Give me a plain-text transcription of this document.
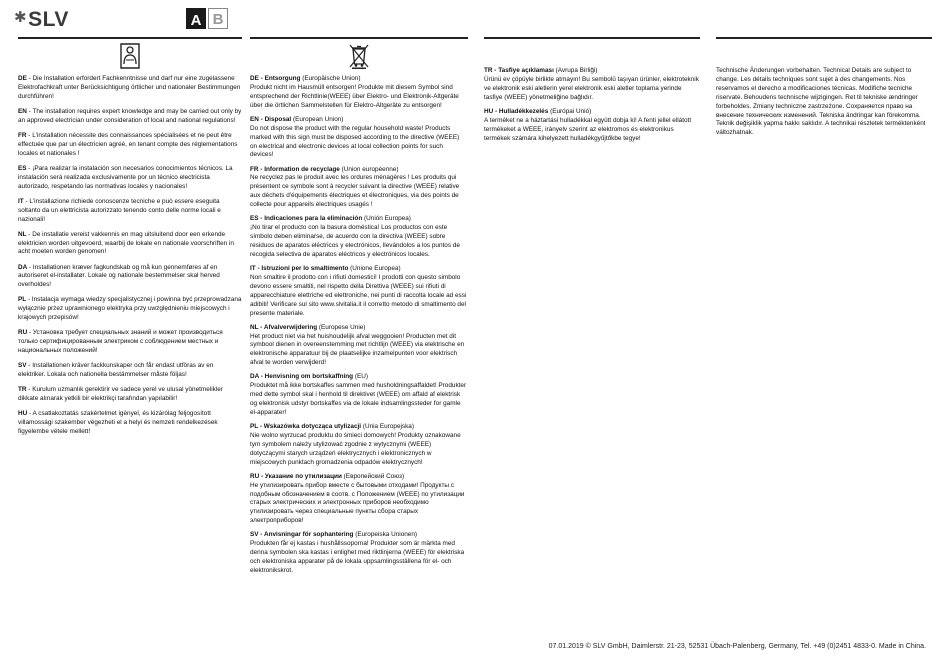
✱SLV	A B

DE - Die Installation erfordert Fachkenntnisse und darf nur eine zugelassene Elektrofachkraft unter Berücksichtigung örtlicher und nationaler Bestimmungen durchführen!

EN - The installation requires expert knowledge and may be carried out only by an approved electrician under consideration of local and national regulations!

FR - L'installation nécessite des connaissances spécialisées et ne peut être effectuée que par un électricien agréé, en tenant compte des réglementations locales et nationales !

ES - ¡Para realizar la instalación son necesarios conocimientos técnicos. La instalación será realizada exclusivamente por un técnico electricista autorizado, respetando las normativas locales y nacionales!

IT - L'installazione richiede conoscenze tecniche e può essere eseguita soltanto da un elettricista autorizzato tenendo conto delle norme locali e nazionali!

NL - De installatie vereist vakkennis en mag uitsluitend door een erkende elektricien worden uitgevoerd, waarbij de lokale en nationale voorschriften in acht moeten worden genomen!

DA - Installationen kræver fagkundskab og må kun gennemføres af en autoriseret el-installatør. Lokale og nationale bestemmelser skal herved overholdes!

PL - Instalacja wymaga wiedzy specjalistycznej i powinna być przeprowadzana wyłącznie przez uprawnionego elektryka przy uwzględnieniu miejscowych i krajowych przepisów!

RU - Установка требует специальных знаний и может производиться только сертифицированным электриком с соблюдением местных и национальных положений!

SV - Installationen kräver fackkunskaper och får endast utföras av en elektriker. Lokala och nationella bestämmelser måste följas!

TR - Kurulum uzmanlık gerektirir ve sadece yerel ve ulusal yönetmelikler dikkate alınarak yetkili bir elektrikçi tarafından yapılabilir!

HU - A csatlakoztatás szakértelmet igényel, és kizárólag feljogosított villamossági szakember végezheti el a helyi és nemzeti rendelkezések figyelembe vétele mellett!

DE - Entsorgung (Europäische Union)
Produkt nicht im Hausmüll entsorgen! Produkte mit diesem Symbol sind entsprechend der Richtlinie(WEEE) über Elektro- und Elektronik-Altgeräte über die örtlichen Sammelstellen für Elektro-Altgeräte zu entsorgen!

EN - Disposal (European Union)
Do not dispose the product with the regular household waste! Products marked with this sign must be disposed according to the directive (WEEE) on electrical and electronic devices at local collection points for such devices!

FR - Information de recyclage (Union européenne)
Ne recyclez pas le produit avec les ordures ménagères ! Les produits qui présentent ce symbole sont à recycler suivant la directive (WEEE) relative aux déchets d'équipements électriques et électroniques, via des points de collecte pour appareils électriques usagés !

ES - Indicaciones para la eliminación (Unión Europea)
¡No tirar el producto con la basura doméstica! Los productos con este símbolo deben eliminarse, de acuerdo con la directiva (WEEE) sobre residuos de aparatos eléctricos y electrónicos, llevándolos a los puntos de recogida selectiva de aparatos eléctricos y electrónicos locales.

IT - Istruzioni per lo smaltimento (Unione Europea)
Non smaltire il prodotto con i rifiuti domestici! I prodotti con questo simbolo devono essere smaltiti, nel rispetto della Direttiva (WEEE) sui rifiuti di apparecchiature elettriche ed elettroniche, nei punti di raccolta locale ad essi adibiti! Verificare sul sito www.slvitalia.it il corretto metodo di smaltimento del presente materiale.

NL - Afvalverwijdering (Europese Unie)
Het product niet via het huishoudelijk afval weggooien! Producten met dit symbool dienen in overeenstemming met richtlijn (WEEE) via elektrische en elektronische apparatuur bij de plaatselijke inzamelpunten voor elektrisch afval te worden verwijderd!

DA - Henvisning om bortskaffning (EU)
Produktet må ikke bortskaffes sammen med husholdningsaffaldet! Produkter med dette symbol skal i henhold til direktivet (WEEE) om affald af elektrisk og elektronisk udstyr bortskaffes via de lokale indsamlingssteder for gamle el-apparater!

PL - Wskazówka dotycząca utylizacji (Unia Europejska)
Nie wolno wyrzucać produktu do śmieci domowych! Produkty oznakowane tym symbolem należy utylizować zgodnie z wytycznymi (WEEE) dotyczącymi starych urządzeń elektrycznych i elektronicznych w miejscowych punktach gromadzenia odpadów elektrycznych!

RU - Указание по утилизации (Европейский Союз)
Не утилизировать прибор вместе с бытовыми отходами! Продукты с подобным обозначением в соотв. с Положением (WEEE) по утилизации старых электрических и электронных приборов необходимо утилизировать через специальные пункты сбора старых электроприборов!

SV - Anvisningar för sophantering (Europeiska Unionen)
Produkten får ej kastas i hushållssoporna! Produkter som är märkta med denna symbolen ska kastas i enlighet med riktlinjerna (WEEE) för elektriska och elektroniska apparater på de lokala uppsamlingsställena för el- och elektronikskrot.

TR - Tasfiye açıklaması (Avrupa Birliği)
Ürünü ev çöpüyle birlikte atmayın! Bu sembolü taşıyan ürünler, elektroteknik ve elektronik eski aletlerin yerel elektronik eski aletler toplama yerinde tasfiye (WEEE) yönetmeliğine bağlıdır.

HU - Hulladékkezelés (Európai Unió)
A terméket ne a háztartási hulladékkal együtt dobja ki! A fenti jellel ellátott termékeket a WEEE, irányelv szerint az elektromos és elektronikus termékek számára kihelyezett hulladékgyűjtőkbe tegye!

Technische Änderungen vorbehalten. Technical Details are subject to change. Les détails techniques sont sujet à des changements. Nos reservamos el derecho a modificaciones técnicas. Modifiche tecniche riservate. Behoudens technische wijzigingen. Ret til tekniske ændringer forbeholdes. Zmiany techniczne zastrzeżone. Сохраняется право на внесение технических изменений. Tekniska ändringar kan förekomma. Teknik değişiklik yapma hakkı saklıdır. A technikai részletek terméktenként változhatnak.

07.01.2019 © SLV GmbH, Daimlerstr. 21-23, 52531 Übach-Palenberg, Germany, Tel. +49 (0)2451 4833-0. Made in China.
